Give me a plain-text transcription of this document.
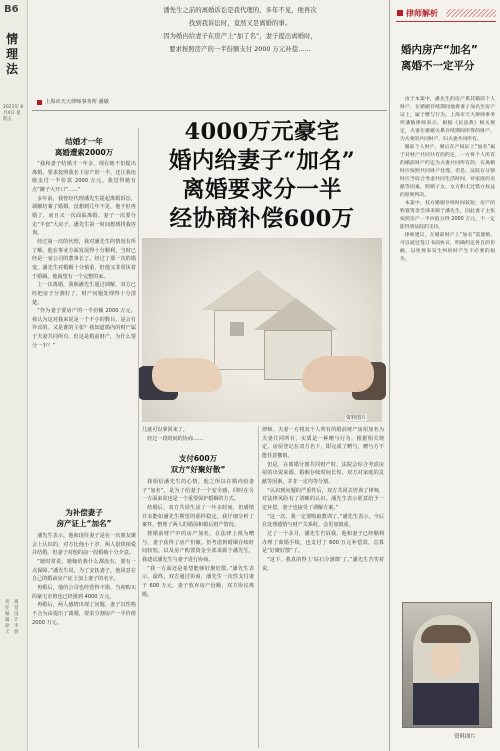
B6
情理法
2021年 6月4日 星期五
责任编辑 徐天
视觉设计 李晨
潘先生之前的离婚诉讼是我代理的，多年不见，他再次
找到我诉讼时，竟然又是离婚的事。
因为婚内给妻子在房产上“加了名”，妻子提出离婚时，
要求按照房产的一半份额支付 2000 万元补偿……
上海市天大律师事务所 潘敏
4000万元豪宅
婚内给妻子“加名”
离婚要求分一半
经协商补偿600万
资料图片
结婚才一年
离婚遭索2000万

“我和妻子结婚才一年多，现在她不但提出离婚，要求按照我名下房产的一半，还让我给她支付一半价款 2000 万元。我觉得她有点“狮子大开口”……”

多年前，我曾经代理潘先生提起离婚诉讼，调解结案了婚姻。没想到几年不见，他不但再婚了，而且又一次面临离婚。妻子一次要分走“半套”大房子，潘先生第一时间想到找我咨询。

经过第一次的代理，我对潘先生的情况有所了解，他在事业方面发展得十分顺利，当时已经是一家公司的董事长了。经过了那一次的婚变，潘先生对婚姻十分慎重，但他又非常执着于婚姻，他渴望有一个完整的家。

上一次离婚，我和潘先生通过调解，双方已经把房子分割好了，财产问题处理得十分清楚。

“作为妻子要房产的一半份额 2000 万元，我认为这对我来说是一个不小的数目，是会有异议的。又是谁的主张？我知道婚内的财产属于夫妻共同所有，但这是婚前财产，为什么要分一半？”

为补偿妻子
房产证上“加名”

潘先生表示，他和现任妻子是在一次朋友聚会上认识的，对方比他小十岁，两人很快相爱并结婚。但妻子对他的前一段婚姻十分介意。

“她时常说，她嫁给我什么都没有，要有一点保障。”潘先生说，为了安抚妻子，他同意在自己的婚前房产证上加上妻子的名字。

再婚后，他的公司也经营得不错，当初购买的豪宅市值也已经涨到 4000 万元。

再婚后，两人感情出现了问题，妻子以性格不合为由提出了离婚，要求分割房产一半价值 2000 万元。

儿就可以拿回来了。

经过一段时间的协商……

支付600万
双方“好聚好散”

我相信潘先生的心情，他之所以在婚内给妻子“加名”，是为了给妻子一个安全感，同时在另一方面来说也是一个重要保护婚姻的方式。

结婚后，双方共同生活了一年多时间，但感情并未能如潘先生期望的那样稳定。我仔细分析了案件，整理了两人的婚前和婚后财产情况。

将婚前财产中的房产加名，在法律上视为赠与，妻子获得了房产份额。但考虑到婚姻存续时间较短，以及房产购置资金全部来源于潘先生，我建议潘先生与妻子进行协商。

“我一方面还是希望能够好聚好散。”潘先生表示。最终，双方通过协商，潘先生一次性支付妻子 600 万元，妻子放弃房产份额，双方协议离婚。

律师。夫妻一方将其个人所有的婚前财产房屋加名为夫妻共同所有，实质是一种赠与行为。根据相关规定，房屋登记在双方名下，即完成了赠与，赠与方不能任意撤销。

但是，在离婚分割共同财产时，法院会综合考虑房屋的出资来源、婚姻存续时间长短、双方对家庭的贡献等因素，并非一定均等分割。

“认识到问题的严重性后，双方共同去咨询了律师，对法律风险有了清晰的认识。潘先生表示愿意给予一定补偿，妻子也接受了调解方案。”

“这一次，我一定要吸取教训了。”潘先生表示，今后在处理感情与财产关系时，会更加慎重。

过了一个多月，潘先生告诉我，他和妻子已经顺利办理了离婚手续，也支付了 600 万元补偿款，总算是“好聚好散”了。

“这下，我真的得上‘钻石分割课’了。”潘先生苦笑着说。

律师解析
婚内房产“加名”
离婚不一定平分

由于本案中，潘先生的房产系其婚前个人财产，在婚姻存续期间他将妻子加名至房产证上，属于赠与行为。上海市天大律师事务所潘敏律师表示，根据《民法典》相关规定，夫妻在婚姻关系存续期间所得的财产，为夫妻的共同财产，归夫妻共同所有。

婚前个人财产，婚后在产权证上“加名”属于对财产共同共有的约定，一方将个人所有的婚前财产约定为夫妻共同所有的，在离婚时应按照共同财产处理。但是，法院在分割时应当综合考虑共同生活时间、对家庭的贡献等因素，照顾子女、女方和无过错方权益的原则判决。

本案中，双方婚姻存续时间较短，房产的购置资金全部来源于潘先生，因此妻子主张按照房产一半价值分得 2000 万元，不一定能得到法院的支持。

律师建议，在婚前财产上“加名”需谨慎，可以通过签订书面协议，明确约定各自的份额，以免将来发生纠纷时产生不必要的损失。

资料图片
